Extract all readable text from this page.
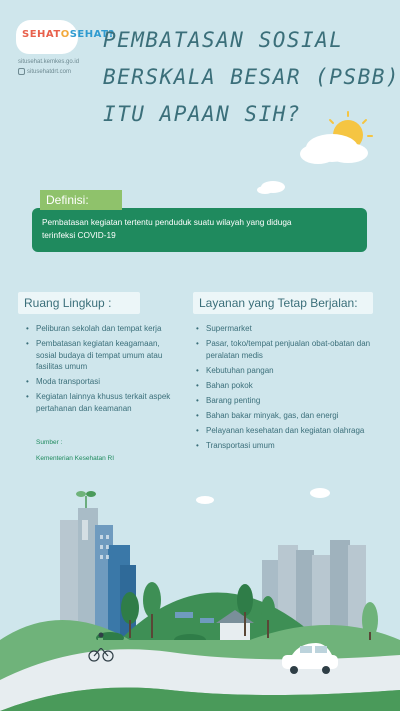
SEHATOSEHAT?
situsehat.kemkes.go.id
situsehatdrt.com
PEMBATASAN SOSIAL
BERSKALA BESAR (PSBB)
ITU APAAN SIH?
Pembatasan kegiatan tertentu penduduk suatu wilayah yang diduga
terinfeksi COVID-19
Definisi:
Ruang Lingkup :
• Peliburan sekolah dan tempat kerja
• Pembatasan kegiatan keagamaan, sosial budaya di tempat umum atau fasilitas umum
• Moda transportasi
• Kegiatan lainnya khusus terkait aspek pertahanan dan keamanan
Layanan yang Tetap Berjalan:
• Supermarket
• Pasar, toko/tempat penjualan obat-obatan dan peralatan medis
• Kebutuhan pangan
• Bahan pokok
• Barang penting
• Bahan bakar minyak, gas, dan energi
• Pelayanan kesehatan dan kegiatan olahraga
• Transportasi umum
Sumber :
Kementerian Kesehatan RI
